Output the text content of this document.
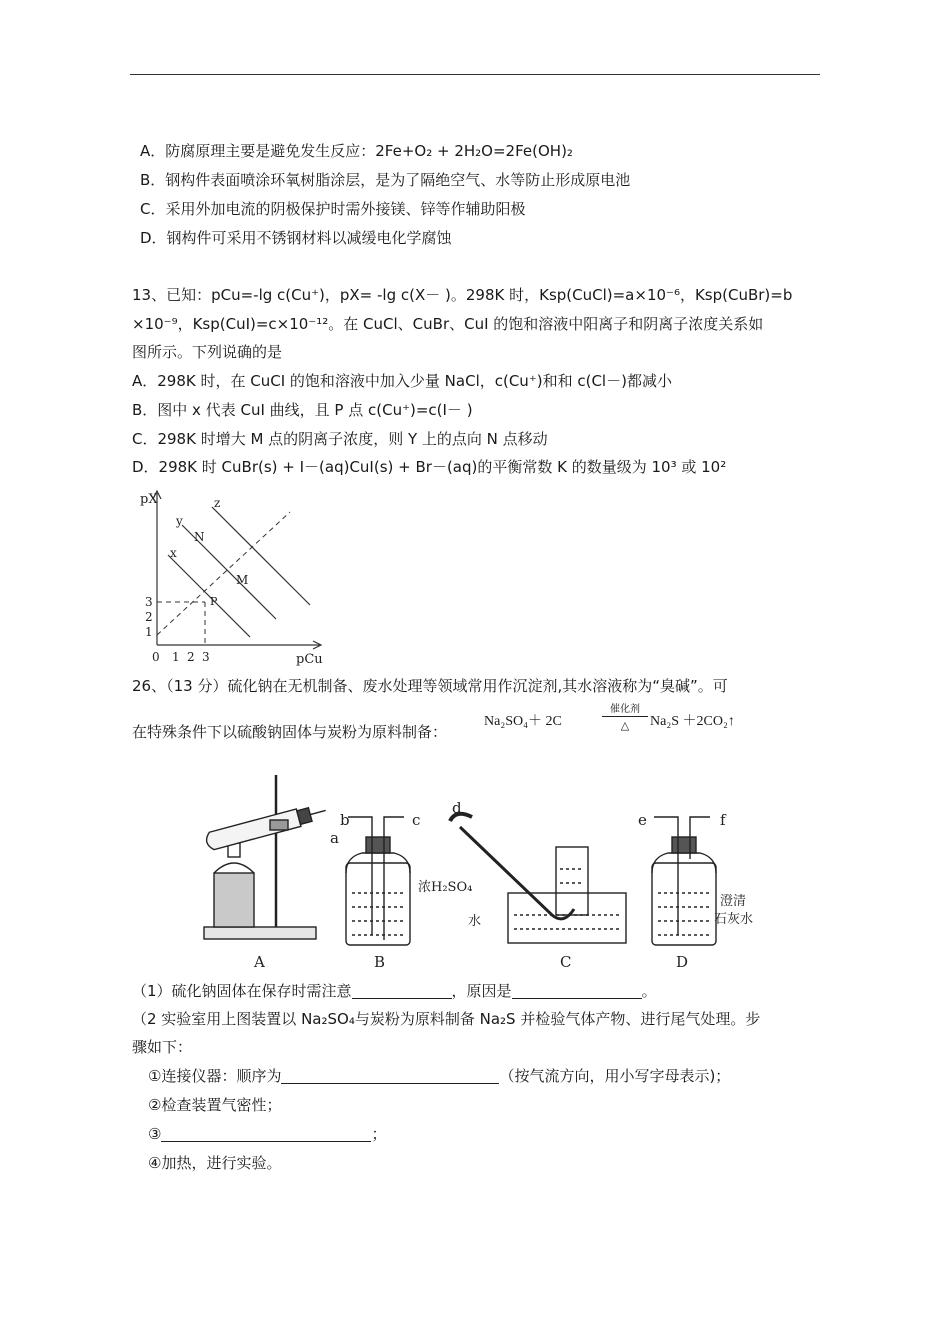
A．防腐原理主要是避免发生反应：2Fe+O₂ + 2H₂O=2Fe(OH)₂
B．钢构件表面喷涂环氧树脂涂层，是为了隔绝空气、水等防止形成原电池
C．采用外加电流的阴极保护时需外接镁、锌等作辅助阳极
D．钢构件可采用不锈钢材料以减缓电化学腐蚀
13、已知：pCu=-lg c(Cu⁺)，pX= -lg c(X－ )。298K 时，Ksp(CuCl)=a×10⁻⁶，Ksp(CuBr)=b
×10⁻⁹，Ksp(CuI)=c×10⁻¹²。在 CuCl、CuBr、CuI 的饱和溶液中阳离子和阴离子浓度关系如
图所示。下列说确的是
A．298K 时，在 CuCI 的饱和溶液中加入少量 NaCl，c(Cu⁺)和和 c(Cl－)都减小
B．图中 x 代表 CuI 曲线，且 P 点 c(Cu⁺)=c(I－ )
C．298K 时增大 M 点的阴离子浓度，则 Y 上的点向 N 点移动
D．298K 时 CuBr(s) + I－(aq)CuI(s) + Br－(aq)的平衡常数 K 的数量级为 10³ 或 10²
pX
pCu
0 1 2 3
1
2
3
x
y
z
N
M
P
26、（13 分）硫化钠在无机制备、废水处理等领域常用作沉淀剂,其水溶液称为“臭碱”。可
在特殊条件下以硫酸钠固体与炭粉为原料制备：
Na₂SO₄＋ 2C
催化剂
△	Na₂S ＋2CO₂↑
a
b	c
d
e	f
浓H₂SO₄
水
澄清
石灰水
A	B	C	D
（1）硫化钠固体在保存时需注意	，原因是	。
（2 实验室用上图装置以 Na₂SO₄与炭粉为原料制备 Na₂S 并检验气体产物、进行尾气处理。步
骤如下：
①连接仪器：顺序为	（按气流方向，用小写字母表示)；
②检查装置气密性；
③	；
④加热，进行实验。
